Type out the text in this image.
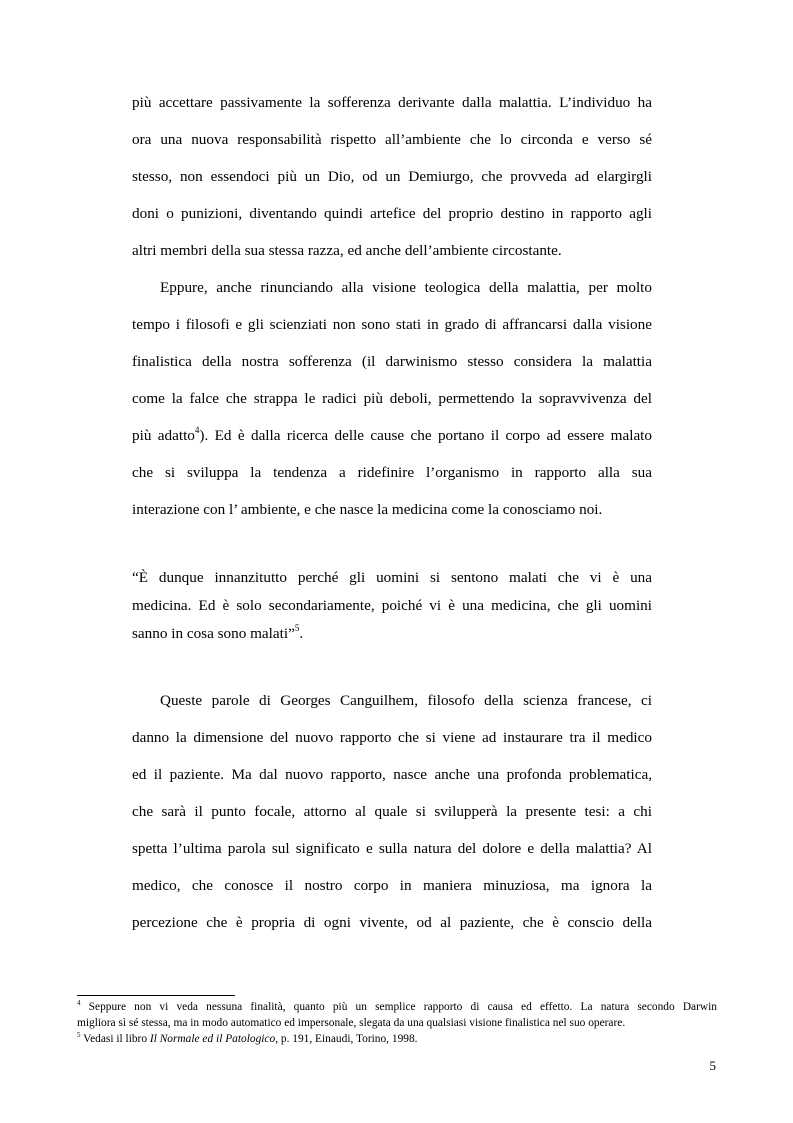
più accettare passivamente la sofferenza derivante dalla malattia. L’individuo ha
ora una nuova responsabilità rispetto all’ambiente che lo circonda e verso sé
stesso, non essendoci più un Dio, od un Demiurgo, che provveda ad elargirgli
doni o punizioni, diventando quindi artefice del proprio destino in rapporto agli
altri membri della sua stessa razza, ed anche dell’ambiente circostante.
Eppure, anche rinunciando alla visione teologica della malattia, per molto
tempo i filosofi e gli scienziati non sono stati in grado di affrancarsi dalla visione
finalistica della nostra sofferenza (il darwinismo stesso considera la malattia
come la falce che strappa le radici più deboli, permettendo la sopravvivenza del
più adatto$^4$). Ed è dalla ricerca delle cause che portano il corpo ad essere malato
che si sviluppa la tendenza a ridefinire l’organismo in rapporto alla sua
interazione con l’ ambiente, e che nasce la medicina come la conosciamo noi.
“È dunque innanzitutto perché gli uomini si sentono malati che vi è una
medicina. Ed è solo secondariamente, poiché vi è una medicina, che gli uomini
sanno in cosa sono malati”$^5$.
Queste parole di Georges Canguilhem, filosofo della scienza francese, ci
danno la dimensione del nuovo rapporto che si viene ad instaurare tra il medico
ed il paziente. Ma dal nuovo rapporto, nasce anche una profonda problematica,
che sarà il punto focale, attorno al quale si svilupperà la presente tesi: a chi
spetta l’ultima parola sul significato e sulla natura del dolore e della malattia? Al
medico, che conosce il nostro corpo in maniera minuziosa, ma ignora la
percezione che è propria di ogni vivente, od al paziente, che è conscio della
$^4$ Seppure non vi veda nessuna finalità, quanto più un semplice rapporto di causa ed effetto. La natura secondo Darwin
migliora sì sé stessa, ma in modo automatico ed impersonale, slegata da una qualsiasi visione finalistica nel suo operare.
$^5$ Vedasi il libro Il Normale ed il Patologico, p. 191, Einaudi, Torino, 1998.
5
